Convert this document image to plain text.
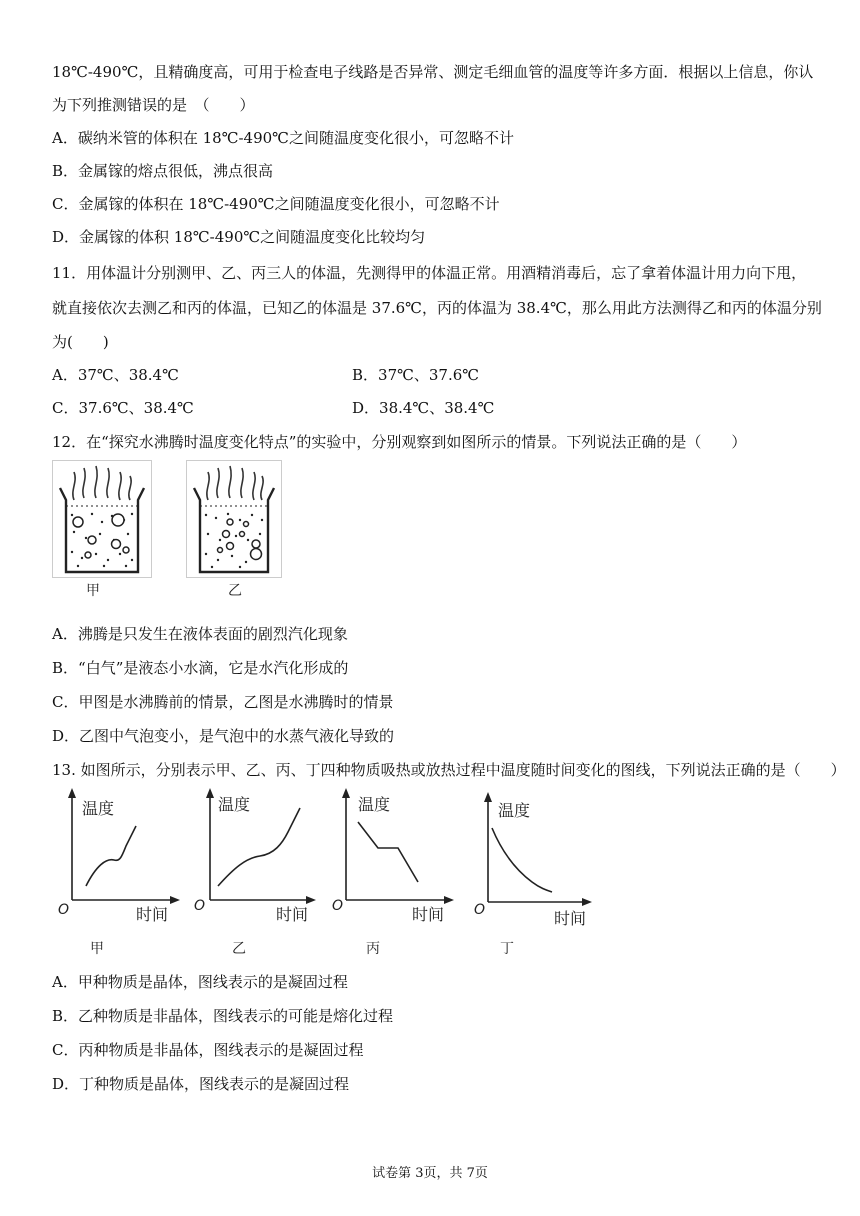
18℃-490℃，且精确度高，可用于检查电子线路是否异常、测定毛细血管的温度等许多方面．根据以上信息，你认
为下列推测错误的是　（　　）
A．碳纳米管的体积在 18℃-490℃之间随温度变化很小，可忽略不计
B．金属镓的熔点很低，沸点很高
C．金属镓的体积在 18℃-490℃之间随温度变化很小，可忽略不计
D．金属镓的体积 18℃-490℃之间随温度变化比较均匀
11．用体温计分别测甲、乙、丙三人的体温，先测得甲的体温正常。用酒精消毒后，忘了拿着体温计用力向下甩，
就直接依次去测乙和丙的体温，已知乙的体温是 37.6℃，丙的体温为 38.4℃，那么用此方法测得乙和丙的体温分别
为(　　)
A．37℃、38.4℃	B．37℃、37.6℃
C．37.6℃、38.4℃	D．38.4℃、38.4℃
12．在“探究水沸腾时温度变化特点”的实验中，分别观察到如图所示的情景。下列说法正确的是（　　）
甲	乙
A．沸腾是只发生在液体表面的剧烈汽化现象
B．“白气”是液态小水滴，它是水汽化形成的
C．甲图是水沸腾前的情景，乙图是水沸腾时的情景
D．乙图中气泡变小，是气泡中的水蒸气液化导致的
13. 如图所示，分别表示甲、乙、丙、丁四种物质吸热或放热过程中温度随时间变化的图线，下列说法正确的是（　　）
温度
时间
O
甲
温度
时间
O
乙
温度
时间
O
丙
温度
时间
O
丁
A．甲种物质是晶体，图线表示的是凝固过程
B．乙种物质是非晶体，图线表示的可能是熔化过程
C．丙种物质是非晶体，图线表示的是凝固过程
D．丁种物质是晶体，图线表示的是凝固过程
试卷第 3页，共 7页
